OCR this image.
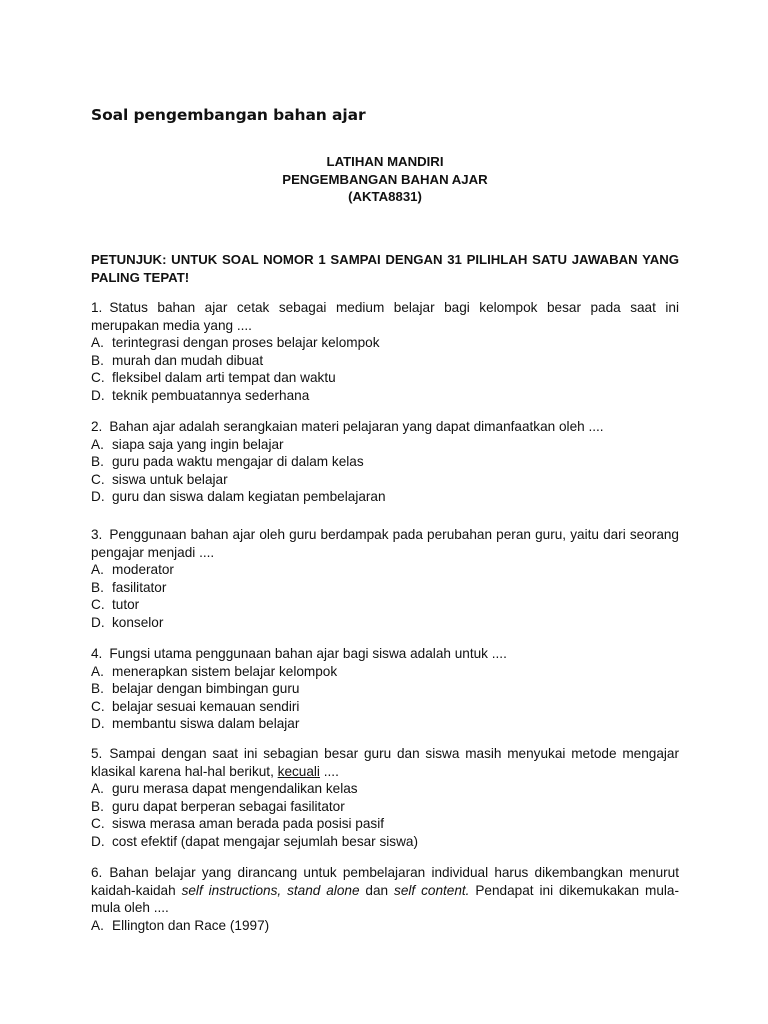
Soal pengembangan bahan ajar
LATIHAN MANDIRI
PENGEMBANGAN BAHAN AJAR
(AKTA8831)
PETUNJUK: UNTUK SOAL NOMOR 1 SAMPAI DENGAN 31 PILIHLAH SATU JAWABAN YANG PALING TEPAT!
1. Status bahan ajar cetak sebagai medium belajar bagi kelompok besar pada saat ini merupakan media yang ....
A. terintegrasi dengan proses belajar kelompok
B. murah dan mudah dibuat
C. fleksibel dalam arti tempat dan waktu
D. teknik pembuatannya sederhana
2. Bahan ajar adalah serangkaian materi pelajaran yang dapat dimanfaatkan oleh ....
A. siapa saja yang ingin belajar
B. guru pada waktu mengajar di dalam kelas
C. siswa untuk belajar
D. guru dan siswa dalam kegiatan pembelajaran
3. Penggunaan bahan ajar oleh guru berdampak pada perubahan peran guru, yaitu dari seorang pengajar menjadi ....
A. moderator
B. fasilitator
C. tutor
D. konselor
4. Fungsi utama penggunaan bahan ajar bagi siswa adalah untuk ....
A. menerapkan sistem belajar kelompok
B. belajar dengan bimbingan guru
C. belajar sesuai kemauan sendiri
D. membantu siswa dalam belajar
5. Sampai dengan saat ini sebagian besar guru dan siswa masih menyukai metode mengajar klasikal karena hal-hal berikut, kecuali ....
A. guru merasa dapat mengendalikan kelas
B. guru dapat berperan sebagai fasilitator
C. siswa merasa aman berada pada posisi pasif
D. cost efektif (dapat mengajar sejumlah besar siswa)
6. Bahan belajar yang dirancang untuk pembelajaran individual harus dikembangkan menurut kaidah-kaidah self instructions, stand alone dan self content. Pendapat ini dikemukakan mula-mula oleh ....
A. Ellington dan Race (1997)
